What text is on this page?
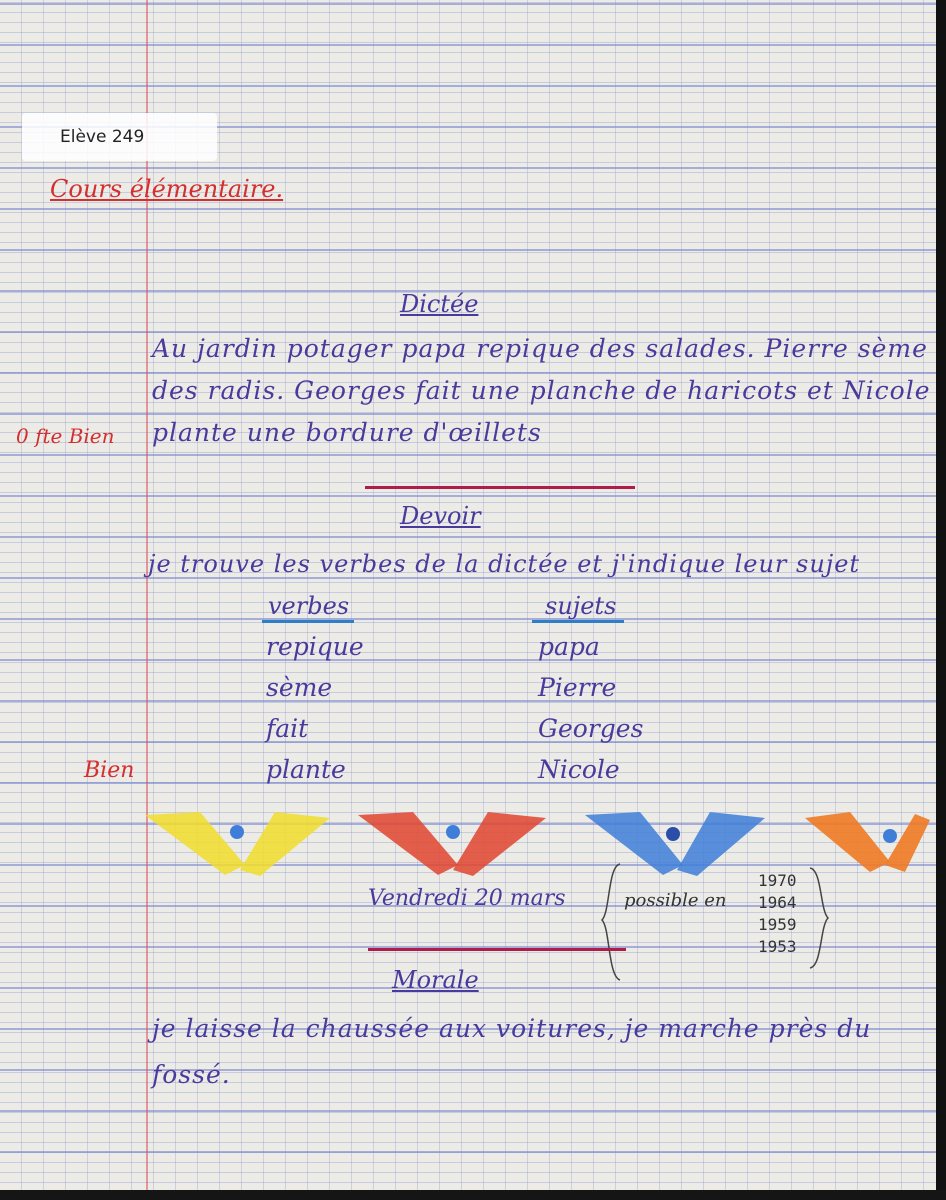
Elève 249
Cours élémentaire.
Dictée
Au jardin potager papa repique des salades. Pierre sème
des radis. Georges fait une planche de haricots et Nicole
plante une bordure d'œillets
0 fte Bien
Devoir
je trouve les verbes de la dictée et j'indique leur sujet
verbes	sujets
repique
sème
fait
plante
papa
Pierre
Georges
Nicole
Bien
Vendredi 20 mars	possible en
1970
1964
1959
1953
Morale
je laisse la chaussée aux voitures, je marche près du
fossé.
